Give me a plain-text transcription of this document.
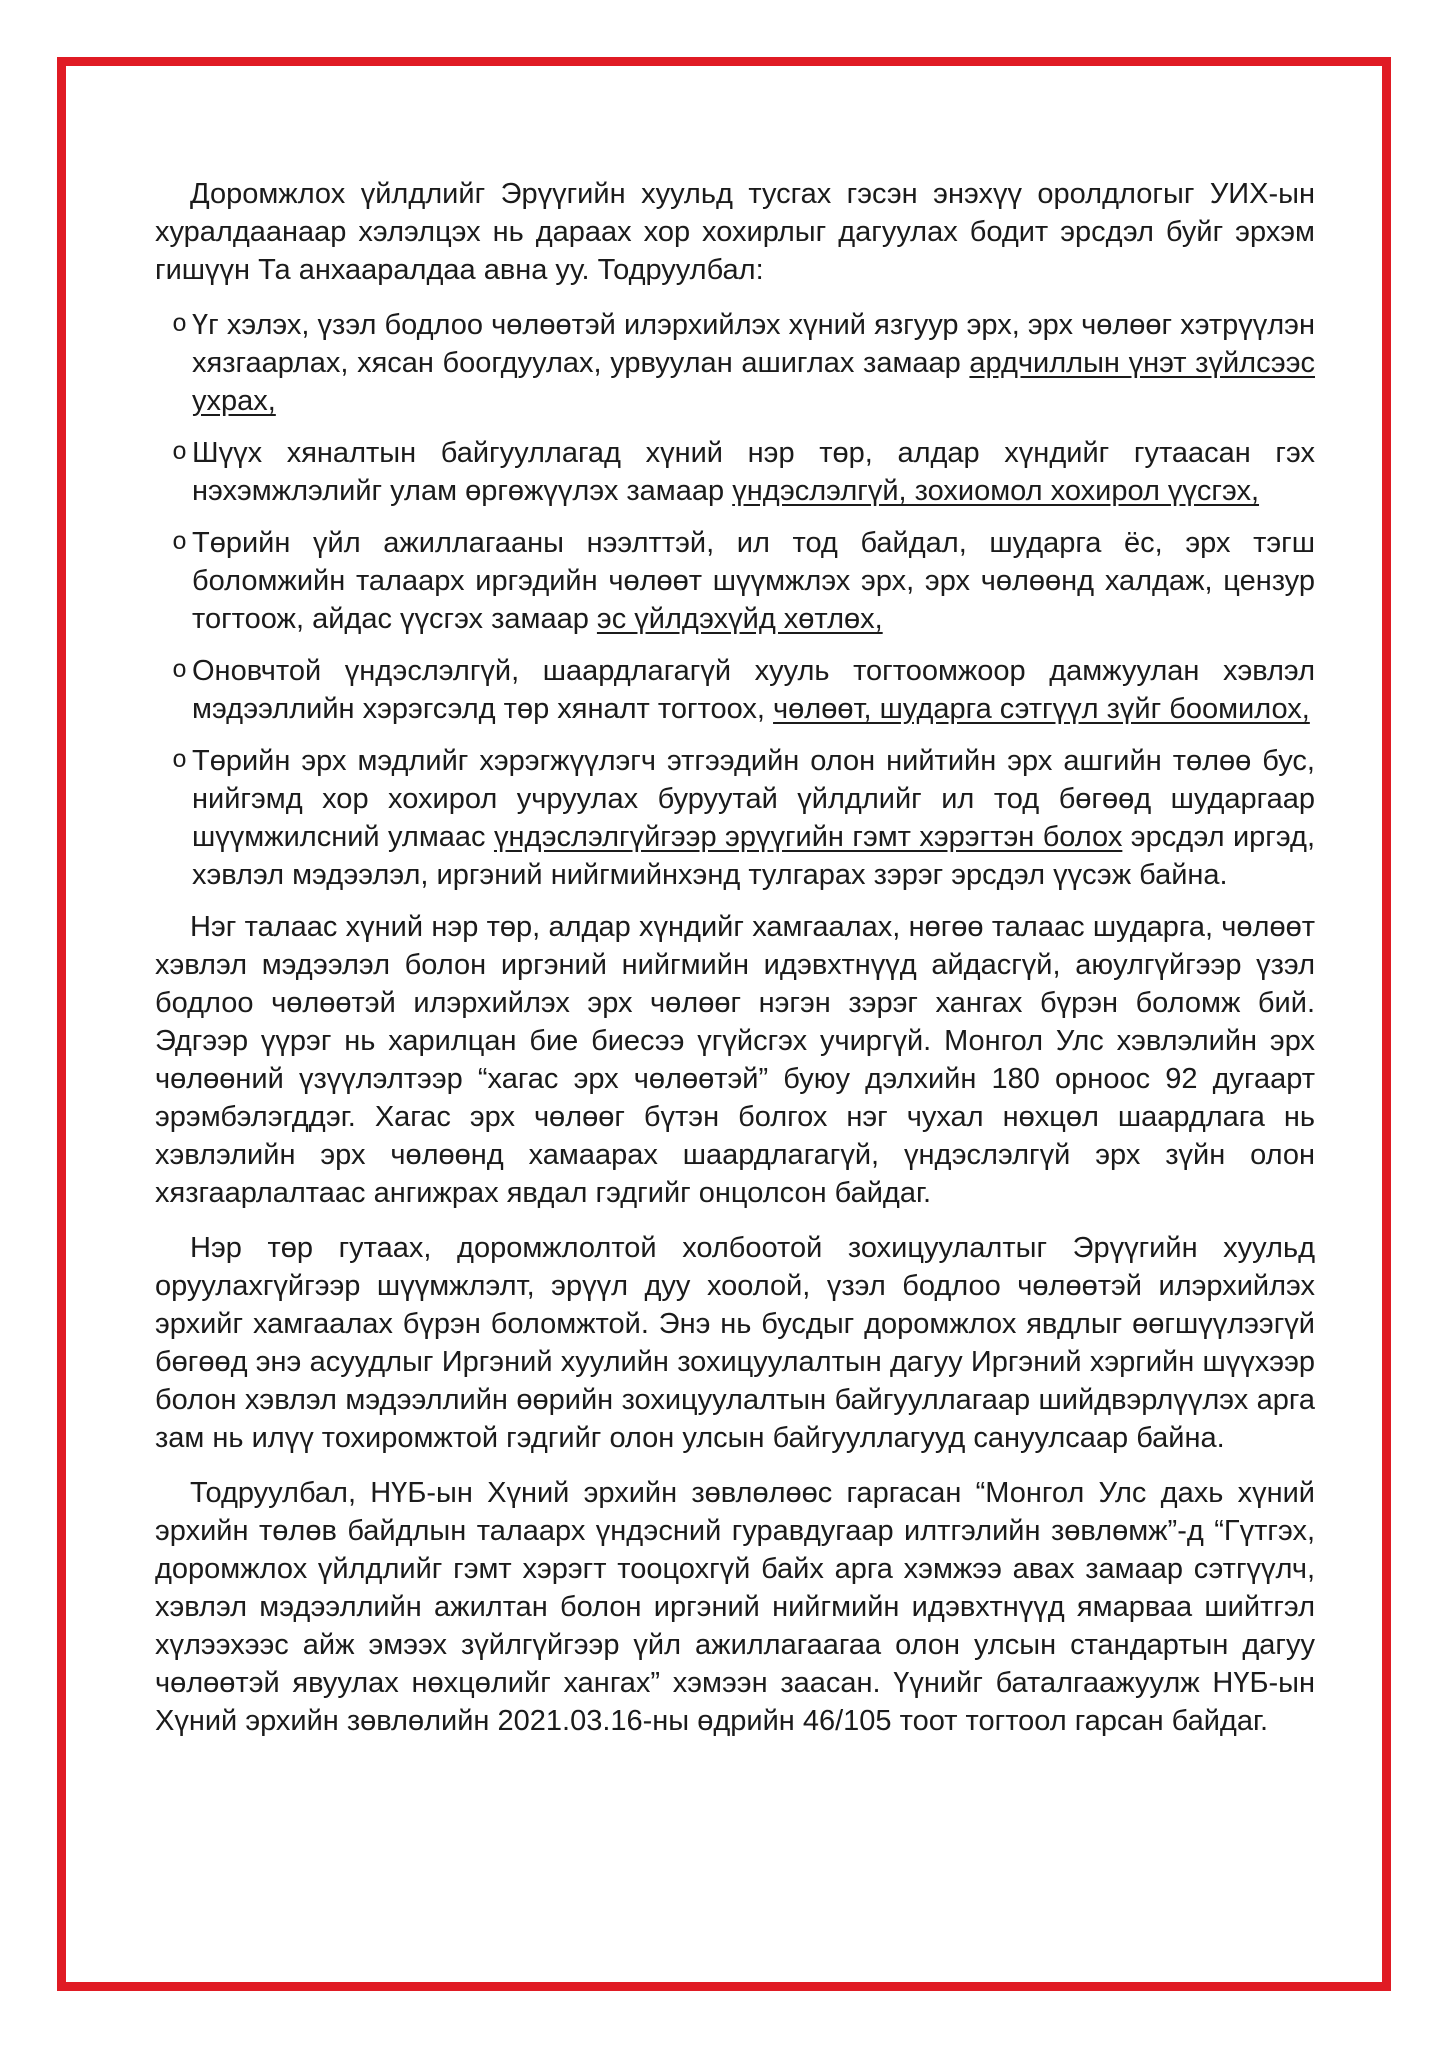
Доромжлох үйлдлийг Эрүүгийн хуульд тусгах гэсэн энэхүү оролдлогыг УИХ-ын хуралдаанаар хэлэлцэх нь дараах хор хохирлыг дагуулах бодит эрсдэл буйг эрхэм гишүүн Та анхааралдаа авна уу. Тодруулбал:

o Үг хэлэх, үзэл бодлоо чөлөөтэй илэрхийлэх хүний язгуур эрх, эрх чөлөөг хэтрүүлэн хязгаарлах, хясан боогдуулах, урвуулан ашиглах замаар ардчиллын үнэт зүйлсээс ухрах,

o Шүүх хяналтын байгууллагад хүний нэр төр, алдар хүндийг гутаасан гэх нэхэмжлэлийг улам өргөжүүлэх замаар үндэслэлгүй, зохиомол хохирол үүсгэх,

o Төрийн үйл ажиллагааны нээлттэй, ил тод байдал, шударга ёс, эрх тэгш боломжийн талаарх иргэдийн чөлөөт шүүмжлэх эрх, эрх чөлөөнд халдаж, цензур тогтоож, айдас үүсгэх замаар эс үйлдэхүйд хөтлөх,

o Оновчтой үндэслэлгүй, шаардлагагүй хууль тогтоомжоор дамжуулан хэвлэл мэдээллийн хэрэгсэлд төр хяналт тогтоох, чөлөөт, шударга сэтгүүл зүйг боомилох,

o Төрийн эрх мэдлийг хэрэгжүүлэгч этгээдийн олон нийтийн эрх ашгийн төлөө бус, нийгэмд хор хохирол учруулах буруутай үйлдлийг ил тод бөгөөд шударгаар шүүмжилсний улмаас үндэслэлгүйгээр эрүүгийн гэмт хэрэгтэн болох эрсдэл иргэд, хэвлэл мэдээлэл, иргэний нийгмийнхэнд тулгарах зэрэг эрсдэл үүсэж байна.

Нэг талаас хүний нэр төр, алдар хүндийг хамгаалах, нөгөө талаас шударга, чөлөөт хэвлэл мэдээлэл болон иргэний нийгмийн идэвхтнүүд айдасгүй, аюулгүйгээр үзэл бодлоо чөлөөтэй илэрхийлэх эрх чөлөөг нэгэн зэрэг хангах бүрэн боломж бий. Эдгээр үүрэг нь харилцан бие биесээ үгүйсгэх учиргүй. Монгол Улс хэвлэлийн эрх чөлөөний үзүүлэлтээр “хагас эрх чөлөөтэй” буюу дэлхийн 180 орноос 92 дугаарт эрэмбэлэгддэг. Хагас эрх чөлөөг бүтэн болгох нэг чухал нөхцөл шаардлага нь хэвлэлийн эрх чөлөөнд хамаарах шаардлагагүй, үндэслэлгүй эрх зүйн олон хязгаарлалтаас ангижрах явдал гэдгийг онцолсон байдаг.

Нэр төр гутаах, доромжлолтой холбоотой зохицуулалтыг Эрүүгийн хуульд оруулахгүйгээр шүүмжлэлт, эрүүл дуу хоолой, үзэл бодлоо чөлөөтэй илэрхийлэх эрхийг хамгаалах бүрэн боломжтой. Энэ нь бусдыг доромжлох явдлыг өөгшүүлээгүй бөгөөд энэ асуудлыг Иргэний хуулийн зохицуулалтын дагуу Иргэний хэргийн шүүхээр болон хэвлэл мэдээллийн өөрийн зохицуулалтын байгууллагаар шийдвэрлүүлэх арга зам нь илүү тохиромжтой гэдгийг олон улсын байгууллагууд сануулсаар байна.

Тодруулбал, НҮБ-ын Хүний эрхийн зөвлөлөөс гаргасан “Монгол Улс дахь хүний эрхийн төлөв байдлын талаарх үндэсний гуравдугаар илтгэлийн зөвлөмж”-д “Гүтгэх, доромжлох үйлдлийг гэмт хэрэгт тооцохгүй байх арга хэмжээ авах замаар сэтгүүлч, хэвлэл мэдээллийн ажилтан болон иргэний нийгмийн идэвхтнүүд ямарваа шийтгэл хүлээхээс айж эмээх зүйлгүйгээр үйл ажиллагаагаа олон улсын стандартын дагуу чөлөөтэй явуулах нөхцөлийг хангах” хэмээн заасан. Үүнийг баталгаажуулж НҮБ-ын Хүний эрхийн зөвлөлийн 2021.03.16-ны өдрийн 46/105 тоот тогтоол гарсан байдаг.
